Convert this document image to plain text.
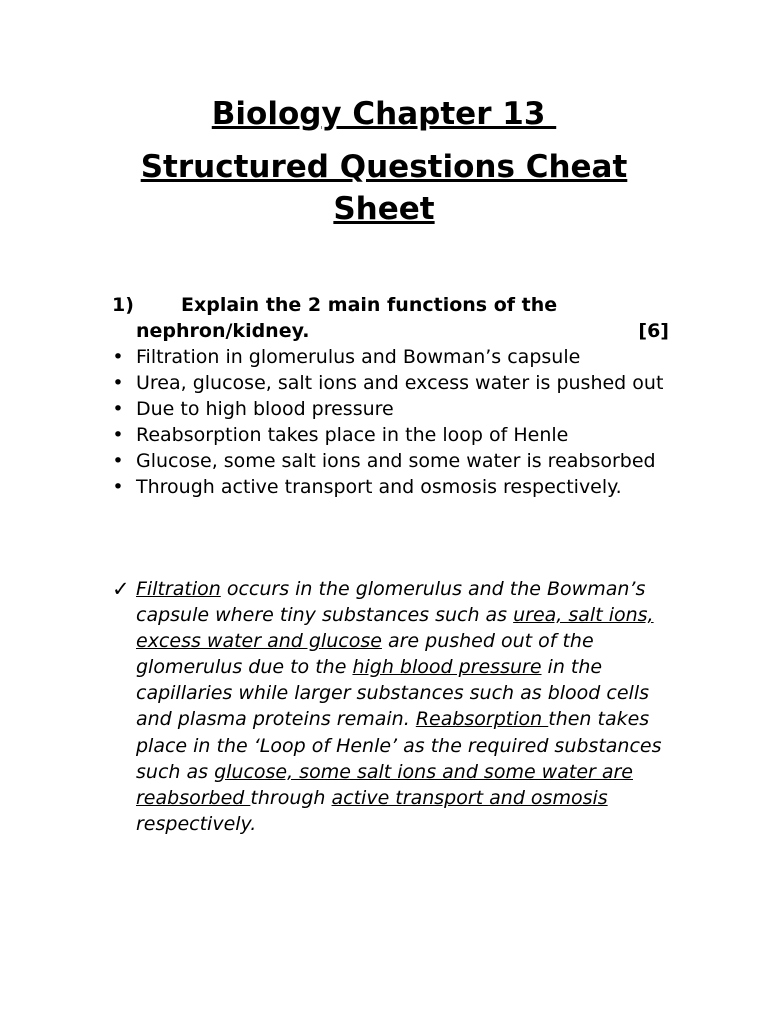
Biology Chapter 13
Structured Questions Cheat Sheet
1) Explain the 2 main functions of the
nephron/kidney.	[6]
• Filtration in glomerulus and Bowman’s capsule
• Urea, glucose, salt ions and excess water is pushed out
• Due to high blood pressure
• Reabsorption takes place in the loop of Henle
• Glucose, some salt ions and some water is reabsorbed
• Through active transport and osmosis respectively.
✓ Filtration occurs in the glomerulus and the Bowman’s capsule where tiny substances such as urea, salt ions, excess water and glucose are pushed out of the glomerulus due to the high blood pressure in the capillaries while larger substances such as blood cells and plasma proteins remain. Reabsorption then takes place in the ‘Loop of Henle’ as the required substances such as glucose, some salt ions and some water are reabsorbed through active transport and osmosis respectively.
